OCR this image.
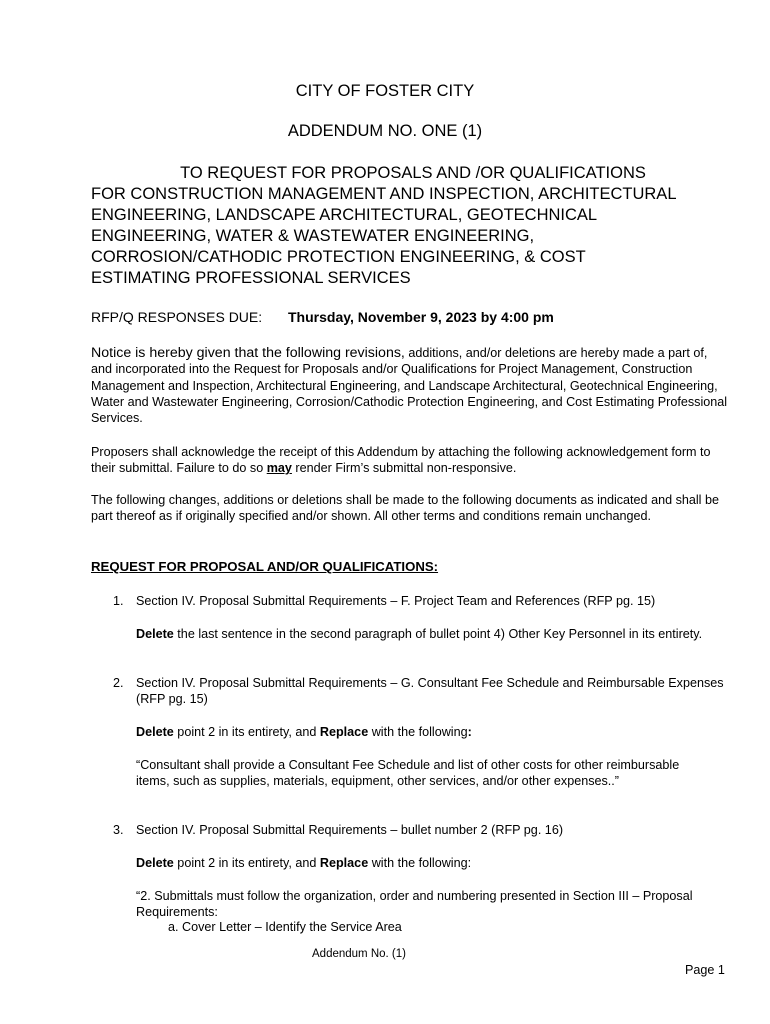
CITY OF FOSTER CITY
ADDENDUM NO. ONE (1)
TO REQUEST FOR PROPOSALS AND /OR QUALIFICATIONS
FOR CONSTRUCTION MANAGEMENT AND INSPECTION, ARCHITECTURAL
ENGINEERING, LANDSCAPE ARCHITECTURAL, GEOTECHNICAL
ENGINEERING, WATER & WASTEWATER ENGINEERING,
CORROSION/CATHODIC PROTECTION ENGINEERING, & COST
ESTIMATING PROFESSIONAL SERVICES
RFP/Q RESPONSES DUE: Thursday, November 9, 2023 by 4:00 pm
Notice is hereby given that the following revisions, additions, and/or deletions are hereby made a part of, and incorporated into the Request for Proposals and/or Qualifications for Project Management, Construction Management and Inspection, Architectural Engineering, and Landscape Architectural, Geotechnical Engineering, Water and Wastewater Engineering, Corrosion/Cathodic Protection Engineering, and Cost Estimating Professional Services.
Proposers shall acknowledge the receipt of this Addendum by attaching the following acknowledgement form to their submittal. Failure to do so may render Firm’s submittal non-responsive.
The following changes, additions or deletions shall be made to the following documents as indicated and shall be part thereof as if originally specified and/or shown. All other terms and conditions remain unchanged.
REQUEST FOR PROPOSAL AND/OR QUALIFICATIONS:
1. Section IV. Proposal Submittal Requirements – F. Project Team and References (RFP pg. 15)
Delete the last sentence in the second paragraph of bullet point 4) Other Key Personnel in its entirety.
2. Section IV. Proposal Submittal Requirements – G. Consultant Fee Schedule and Reimbursable Expenses (RFP pg. 15)
Delete point 2 in its entirety, and Replace with the following:
“Consultant shall provide a Consultant Fee Schedule and list of other costs for other reimbursable items, such as supplies, materials, equipment, other services, and/or other expenses..”
3. Section IV. Proposal Submittal Requirements – bullet number 2 (RFP pg. 16)
Delete point 2 in its entirety, and Replace with the following:
“2. Submittals must follow the organization, order and numbering presented in Section III – Proposal Requirements:
a. Cover Letter – Identify the Service Area
Addendum No. (1)
Page 1
